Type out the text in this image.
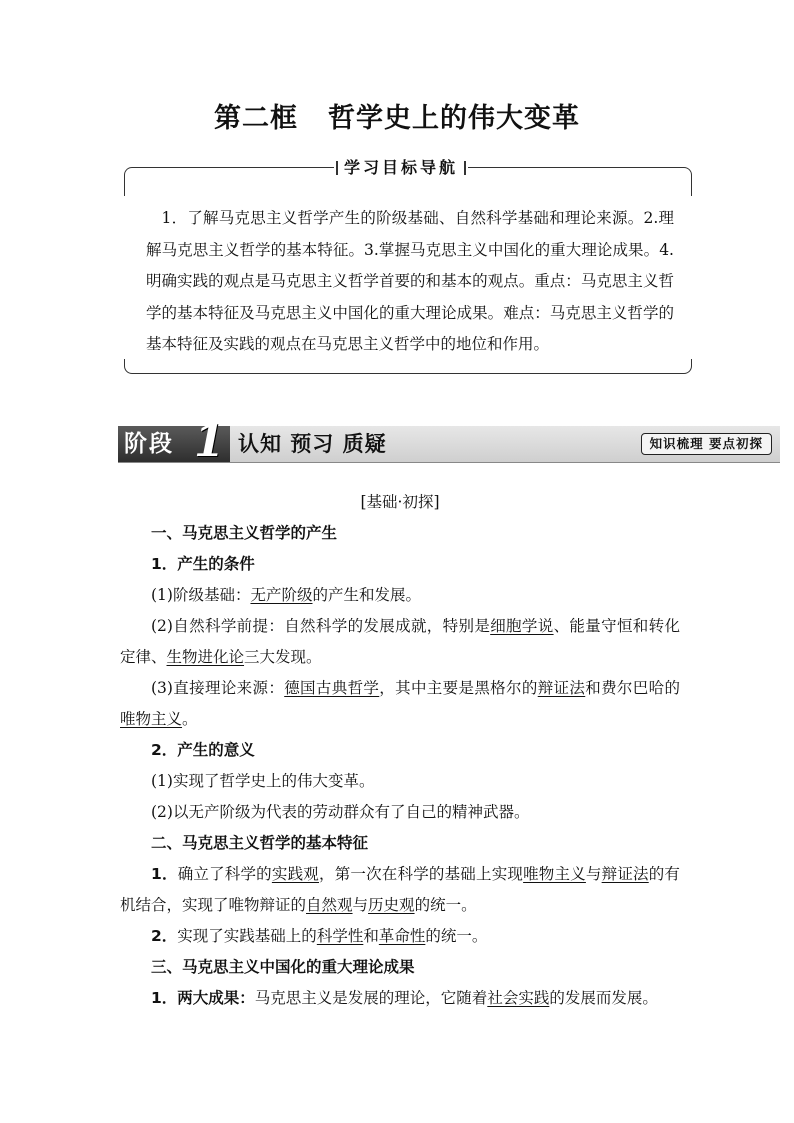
第二框 哲学史上的伟大变革
学习目标导航
1．了解马克思主义哲学产生的阶级基础、自然科学基础和理论来源。2.理解马克思主义哲学的基本特征。3.掌握马克思主义中国化的重大理论成果。4.明确实践的观点是马克思主义哲学首要的和基本的观点。重点：马克思主义哲学的基本特征及马克思主义中国化的重大理论成果。难点：马克思主义哲学的基本特征及实践的观点在马克思主义哲学中的地位和作用。
阶段 1 认知 预习 质疑	知识梳理 要点初探

[基础·初探]

一、马克思主义哲学的产生

1．产生的条件

(1)阶级基础：无产阶级的产生和发展。

(2)自然科学前提：自然科学的发展成就，特别是细胞学说、能量守恒和转化定律、生物进化论三大发现。

(3)直接理论来源：德国古典哲学，其中主要是黑格尔的辩证法和费尔巴哈的唯物主义。

2．产生的意义

(1)实现了哲学史上的伟大变革。

(2)以无产阶级为代表的劳动群众有了自己的精神武器。

二、马克思主义哲学的基本特征

1．确立了科学的实践观，第一次在科学的基础上实现唯物主义与辩证法的有机结合，实现了唯物辩证的自然观与历史观的统一。

2．实现了实践基础上的科学性和革命性的统一。

三、马克思主义中国化的重大理论成果

1．两大成果：马克思主义是发展的理论，它随着社会实践的发展而发展。
